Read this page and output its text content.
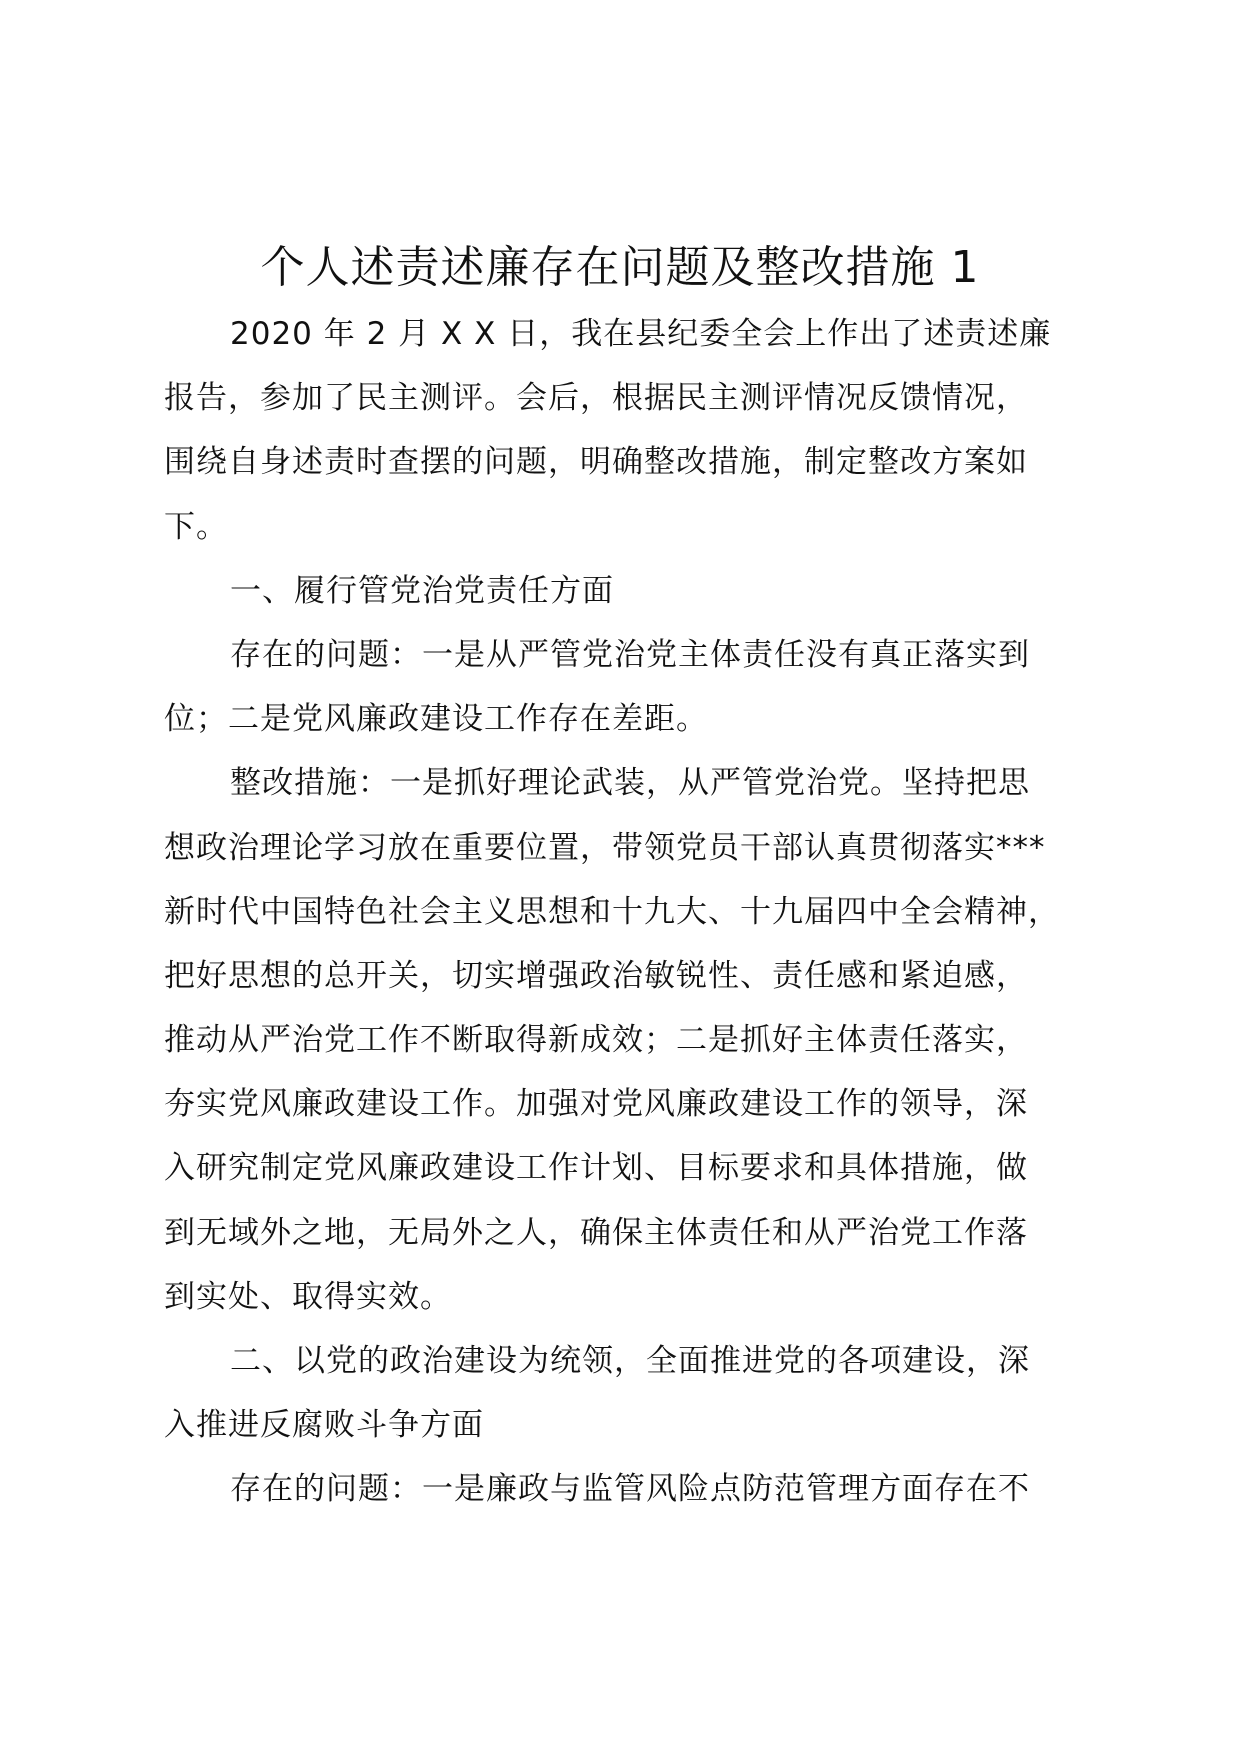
个人述责述廉存在问题及整改措施 1
2020 年 2 月 X X 日，我在县纪委全会上作出了述责述廉
报告，参加了民主测评。会后，根据民主测评情况反馈情况，
围绕自身述责时查摆的问题，明确整改措施，制定整改方案如
下。
一、履行管党治党责任方面
存在的问题：一是从严管党治党主体责任没有真正落实到
位；二是党风廉政建设工作存在差距。
整改措施：一是抓好理论武装，从严管党治党。坚持把思
想政治理论学习放在重要位置，带领党员干部认真贯彻落实***
新时代中国特色社会主义思想和十九大、十九届四中全会精神，
把好思想的总开关，切实增强政治敏锐性、责任感和紧迫感，
推动从严治党工作不断取得新成效；二是抓好主体责任落实，
夯实党风廉政建设工作。加强对党风廉政建设工作的领导，深
入研究制定党风廉政建设工作计划、目标要求和具体措施，做
到无域外之地，无局外之人，确保主体责任和从严治党工作落
到实处、取得实效。
二、以党的政治建设为统领，全面推进党的各项建设，深
入推进反腐败斗争方面
存在的问题：一是廉政与监管风险点防范管理方面存在不
